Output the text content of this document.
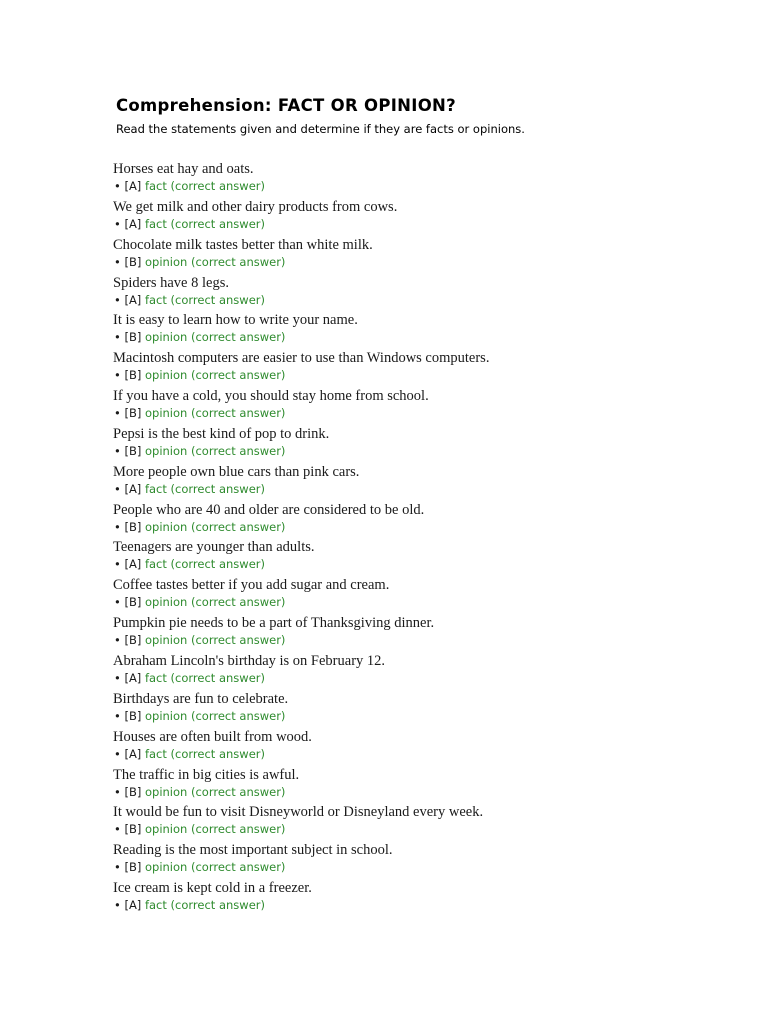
Comprehension: FACT OR OPINION?

Read the statements given and determine if they are facts or opinions.

Horses eat hay and oats.
• [A] fact (correct answer)
We get milk and other dairy products from cows.
• [A] fact (correct answer)
Chocolate milk tastes better than white milk.
• [B] opinion (correct answer)
Spiders have 8 legs.
• [A] fact (correct answer)
It is easy to learn how to write your name.
• [B] opinion (correct answer)
Macintosh computers are easier to use than Windows computers.
• [B] opinion (correct answer)
If you have a cold, you should stay home from school.
• [B] opinion (correct answer)
Pepsi is the best kind of pop to drink.
• [B] opinion (correct answer)
More people own blue cars than pink cars.
• [A] fact (correct answer)
People who are 40 and older are considered to be old.
• [B] opinion (correct answer)
Teenagers are younger than adults.
• [A] fact (correct answer)
Coffee tastes better if you add sugar and cream.
• [B] opinion (correct answer)
Pumpkin pie needs to be a part of Thanksgiving dinner.
• [B] opinion (correct answer)
Abraham Lincoln's birthday is on February 12.
• [A] fact (correct answer)
Birthdays are fun to celebrate.
• [B] opinion (correct answer)
Houses are often built from wood.
• [A] fact (correct answer)
The traffic in big cities is awful.
• [B] opinion (correct answer)
It would be fun to visit Disneyworld or Disneyland every week.
• [B] opinion (correct answer)
Reading is the most important subject in school.
• [B] opinion (correct answer)
Ice cream is kept cold in a freezer.
• [A] fact (correct answer)
